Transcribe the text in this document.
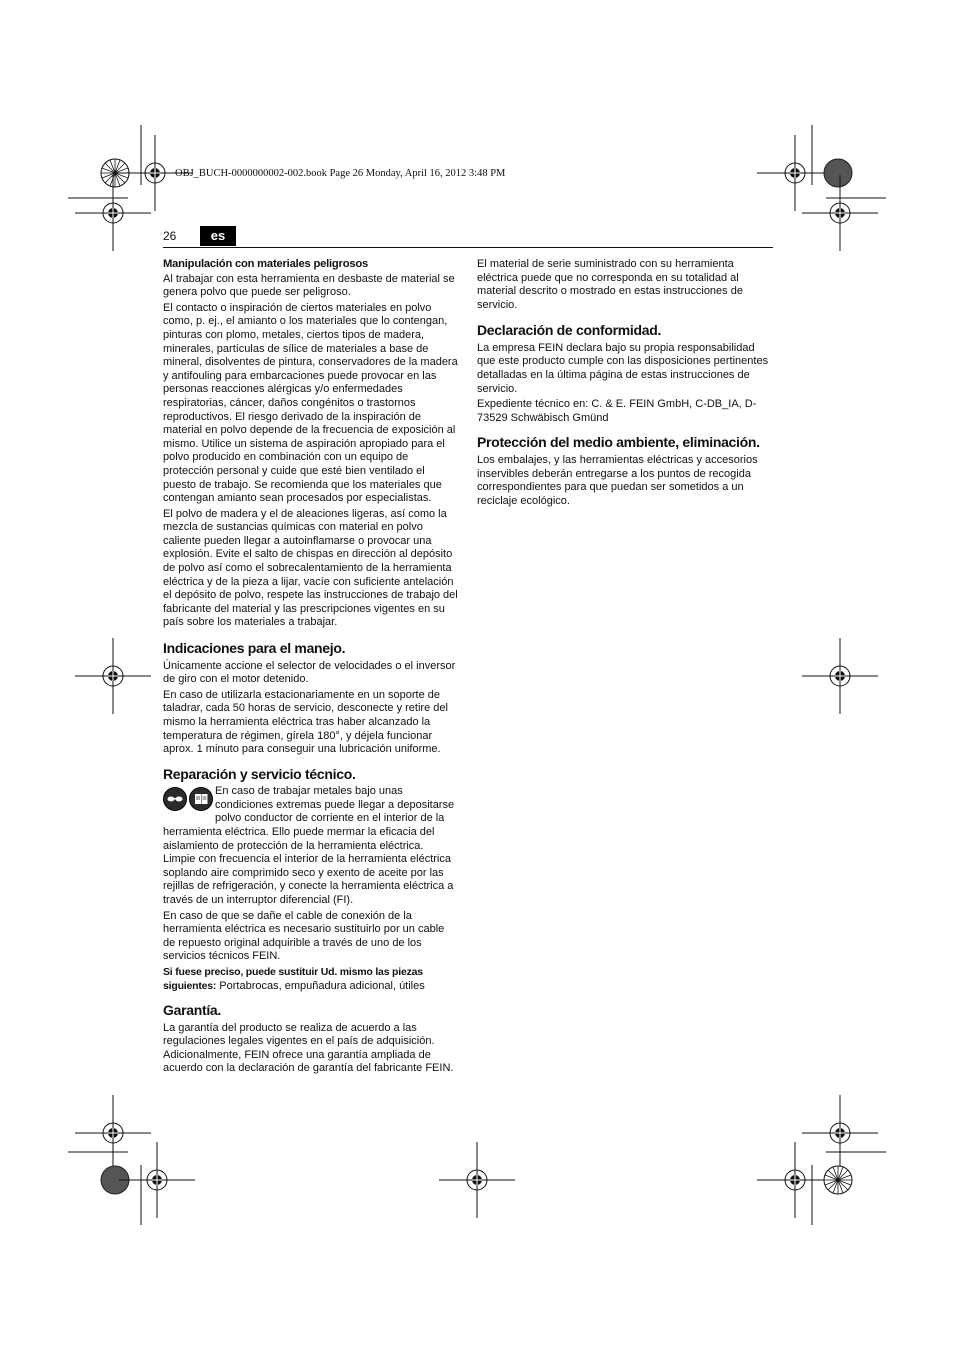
OBJ_BUCH-0000000002-002.book Page 26 Monday, April 16, 2012 3:48 PM
26	es
Manipulación con materiales peligrosos

Al trabajar con esta herramienta en desbaste de material se genera polvo que puede ser peligroso.

El contacto o inspiración de ciertos materiales en polvo como, p. ej., el amianto o los materiales que lo contengan, pinturas con plomo, metales, ciertos tipos de madera, minerales, partículas de sílice de materiales a base de mineral, disolventes de pintura, conservadores de la madera y antifouling para embarcaciones puede provocar en las personas reacciones alérgicas y/o enfermedades respiratorias, cáncer, daños congénitos o trastornos reproductivos. El riesgo derivado de la inspiración de material en polvo depende de la frecuencia de exposición al mismo. Utilice un sistema de aspiración apropiado para el polvo producido en combinación con un equipo de protección personal y cuide que esté bien ventilado el puesto de trabajo. Se recomienda que los materiales que contengan amianto sean procesados por especialistas.

El polvo de madera y el de aleaciones ligeras, así como la mezcla de sustancias químicas con material en polvo caliente pueden llegar a autoinflamarse o provocar una explosión. Evite el salto de chispas en dirección al depósito de polvo así como el sobrecalentamiento de la herramienta eléctrica y de la pieza a lijar, vacíe con suficiente antelación el depósito de polvo, respete las instrucciones de trabajo del fabricante del material y las prescripciones vigentes en su país sobre los materiales a trabajar.

Indicaciones para el manejo.

Únicamente accione el selector de velocidades o el inversor de giro con el motor detenido.

En caso de utilizarla estacionariamente en un soporte de taladrar, cada 50 horas de servicio, desconecte y retire del mismo la herramienta eléctrica tras haber alcanzado la temperatura de régimen, gírela 180°, y déjela funcionar aprox. 1 minuto para conseguir una lubricación uniforme.

Reparación y servicio técnico.

En caso de trabajar metales bajo unas condiciones extremas puede llegar a depositarse polvo conductor de corriente en el interior de la herramienta eléctrica. Ello puede mermar la eficacia del aislamiento de protección de la herramienta eléctrica. Limpie con frecuencia el interior de la herramienta eléctrica soplando aire comprimido seco y exento de aceite por las rejillas de refrigeración, y conecte la herramienta eléctrica a través de un interruptor diferencial (FI).

En caso de que se dañe el cable de conexión de la herramienta eléctrica es necesario sustituirlo por un cable de repuesto original adquirible a través de uno de los servicios técnicos FEIN.

Si fuese preciso, puede sustituir Ud. mismo las piezas siguientes: Portabrocas, empuñadura adicional, útiles

Garantía.

La garantía del producto se realiza de acuerdo a las regulaciones legales vigentes en el país de adquisición. Adicionalmente, FEIN ofrece una garantía ampliada de acuerdo con la declaración de garantía del fabricante FEIN.

El material de serie suministrado con su herramienta eléctrica puede que no corresponda en su totalidad al material descrito o mostrado en estas instrucciones de servicio.

Declaración de conformidad.

La empresa FEIN declara bajo su propia responsabilidad que este producto cumple con las disposiciones pertinentes detalladas en la última página de estas instrucciones de servicio.

Expediente técnico en: C. & E. FEIN GmbH, C-DB_IA, D-73529 Schwäbisch Gmünd

Protección del medio ambiente, eliminación.

Los embalajes, y las herramientas eléctricas y accesorios inservibles deberán entregarse a los puntos de recogida correspondientes para que puedan ser sometidos a un reciclaje ecológico.
